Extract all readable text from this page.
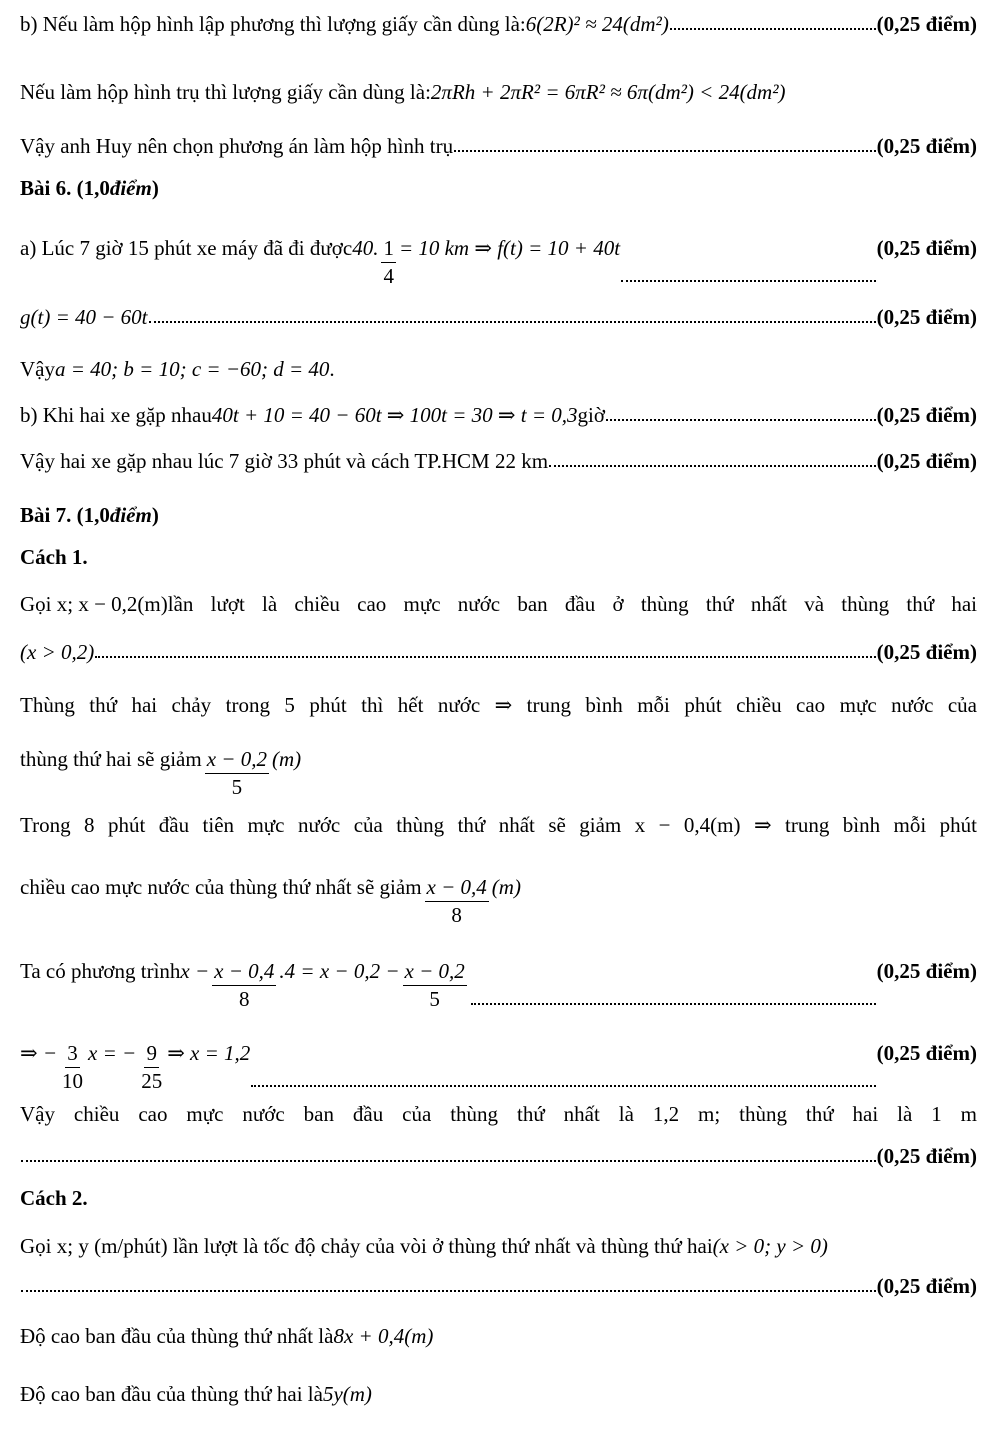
b) Nếu làm hộp hình lập phương thì lượng giấy cần dùng là: 6(2R)² ≈ 24(dm²)	(0,25 điểm)
Nếu làm hộp hình trụ thì lượng giấy cần dùng là: 2πRh + 2πR² = 6πR² ≈ 6π(dm²) < 24(dm²)
Vậy anh Huy nên chọn phương án làm hộp hình trụ	(0,25 điểm)
Bài 6. (1,0 điểm )
a) Lúc 7 giờ 15 phút xe máy đã đi được 40. $\frac{1}{4} = 10$ km ⇒ f(t) = 10 + 40t	(0,25 điểm)
g(t) = 40 − 60t	(0,25 điểm)
Vậy a = 40; b = 10; c = −60; d = 40 .
b) Khi hai xe gặp nhau 40t + 10 = 40 − 60t ⇒ 100t = 30 ⇒ t = 0,3 giờ	(0,25 điểm)
Vậy hai xe gặp nhau lúc 7 giờ 33 phút và cách TP.HCM 22 km	(0,25 điểm)
Bài 7. (1,0 điểm )
Cách 1.
Gọi x; x − 0,2(m) lần lượt là chiều cao mực nước ban đầu ở thùng thứ nhất và thùng thứ hai
(x > 0,2)	(0,25 điểm)
Thùng thứ hai chảy trong 5 phút thì hết nước ⇒ trung bình mỗi phút chiều cao mực nước của
thùng thứ hai sẽ giảm $\frac{x - 0,2}{5} (m)$
Trong 8 phút đầu tiên mực nước của thùng thứ nhất sẽ giảm x − 0,4(m) ⇒ trung bình mỗi phút
chiều cao mực nước của thùng thứ nhất sẽ giảm $\frac{x - 0,4}{8} (m)$
Ta có phương trình $x - \frac{x - 0,4}{8} .4 = x - 0,2 - \frac{x - 0,2}{5}$	(0,25 điểm)
⇒ − $\frac{3}{10}$ x = − $\frac{9}{25}$ ⇒ x = 1,2	(0,25 điểm)
Vậy chiều cao mực nước ban đầu của thùng thứ nhất là 1,2 m; thùng thứ hai là 1 m
(0,25 điểm)
Cách 2.
Gọi x; y (m/phút) lần lượt là tốc độ chảy của vòi ở thùng thứ nhất và thùng thứ hai (x > 0; y > 0)
(0,25 điểm)
Độ cao ban đầu của thùng thứ nhất là 8x + 0,4(m)
Độ cao ban đầu của thùng thứ hai là 5y(m)
